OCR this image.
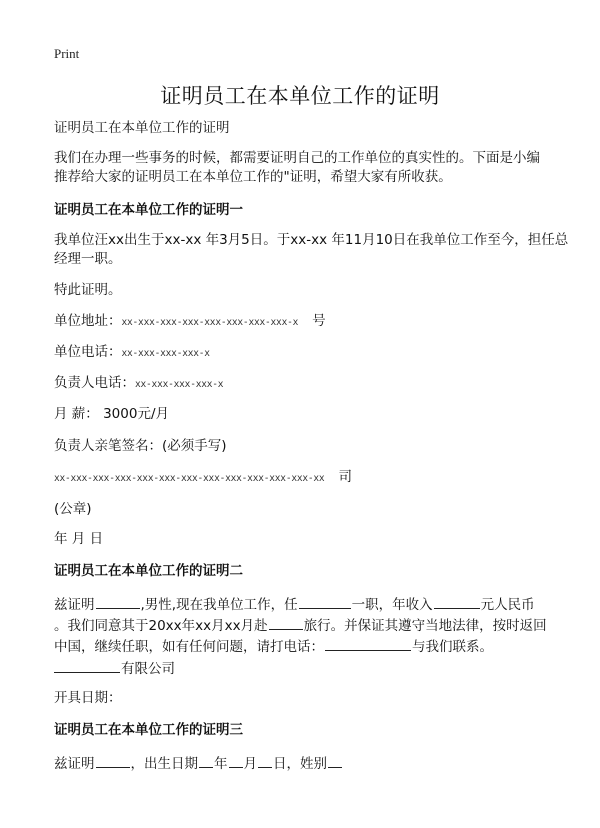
Print
证明员工在本单位工作的证明
证明员工在本单位工作的证明
我们在办理一些事务的时候，都需要证明自己的工作单位的真实性的。下面是小编
推荐给大家的证明员工在本单位工作的"证明，希望大家有所收获。
证明员工在本单位工作的证明一
我单位汪xx出生于xx-xx 年3月5日。于xx-xx 年11月10日在我单位工作至今，担任总
经理一职。
特此证明。
单位地址：xx-xxx-xxx-xxx-xxx-xxx-xxx-xxx-x 号
单位电话：xx-xxx-xxx-xxx-x
负责人电话：xx-xxx-xxx-xxx-x
月 薪： 3000元/月
负责人亲笔签名：(必须手写)
xx-xxx-xxx-xxx-xxx-xxx-xxx-xxx-xxx-xxx-xxx-xxx-xx 司
(公章)
年 月 日
证明员工在本单位工作的证明二
兹证明	,男性,现在我单位工作，任	一职，年收入	元人民币
。我们同意其于20xx年xx月xx月赴	旅行。并保证其遵守当地法律，按时返回
中国，继续任职，如有任何问题，请打电话：	与我们联系。
有限公司
开具日期：
证明员工在本单位工作的证明三
兹证明	，出生日期 年 月 日，姓别
